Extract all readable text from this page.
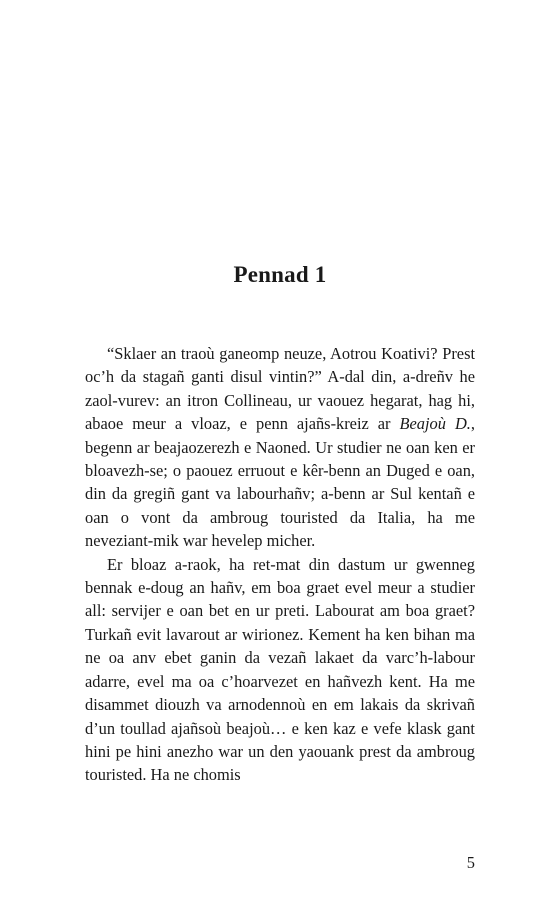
Pennad 1

“Sklaer an traoù ganeomp neuze, Aotrou Koativi? Prest oc’h da stagañ ganti disul vintin?” A-dal din, a-dreñv he zaol-vurev: an itron Collineau, ur vaouez hegarat, hag hi, abaoe meur a vloaz, e penn ajañs-kreiz ar Beajoù D., begenn ar beajaozerezh e Naoned. Ur studier ne oan ken er bloavezh-se; o paouez erruout e kêr-benn an Duged e oan, din da gregiñ gant va labourhañv; a-benn ar Sul kentañ e oan o vont da ambroug touristed da Italia, ha me neveziant-mik war hevelep micher.

Er bloaz a-raok, ha ret-mat din dastum ur gwenneg bennak e-doug an hañv, em boa graet evel meur a studier all: servijer e oan bet en ur preti. Labourat am boa graet? Turkañ evit lavarout ar wirionez. Kement ha ken bihan ma ne oa anv ebet ganin da vezañ lakaet da varc’h-labour adarre, evel ma oa c’hoarvezet en hañvezh kent. Ha me disammet diouzh va arnodennoù en em lakais da skrivañ d’un toullad ajañsoù beajoù… e ken kaz e vefe klask gant hini pe hini anezho war un den yaouank prest da ambroug touristed. Ha ne chomis

5
